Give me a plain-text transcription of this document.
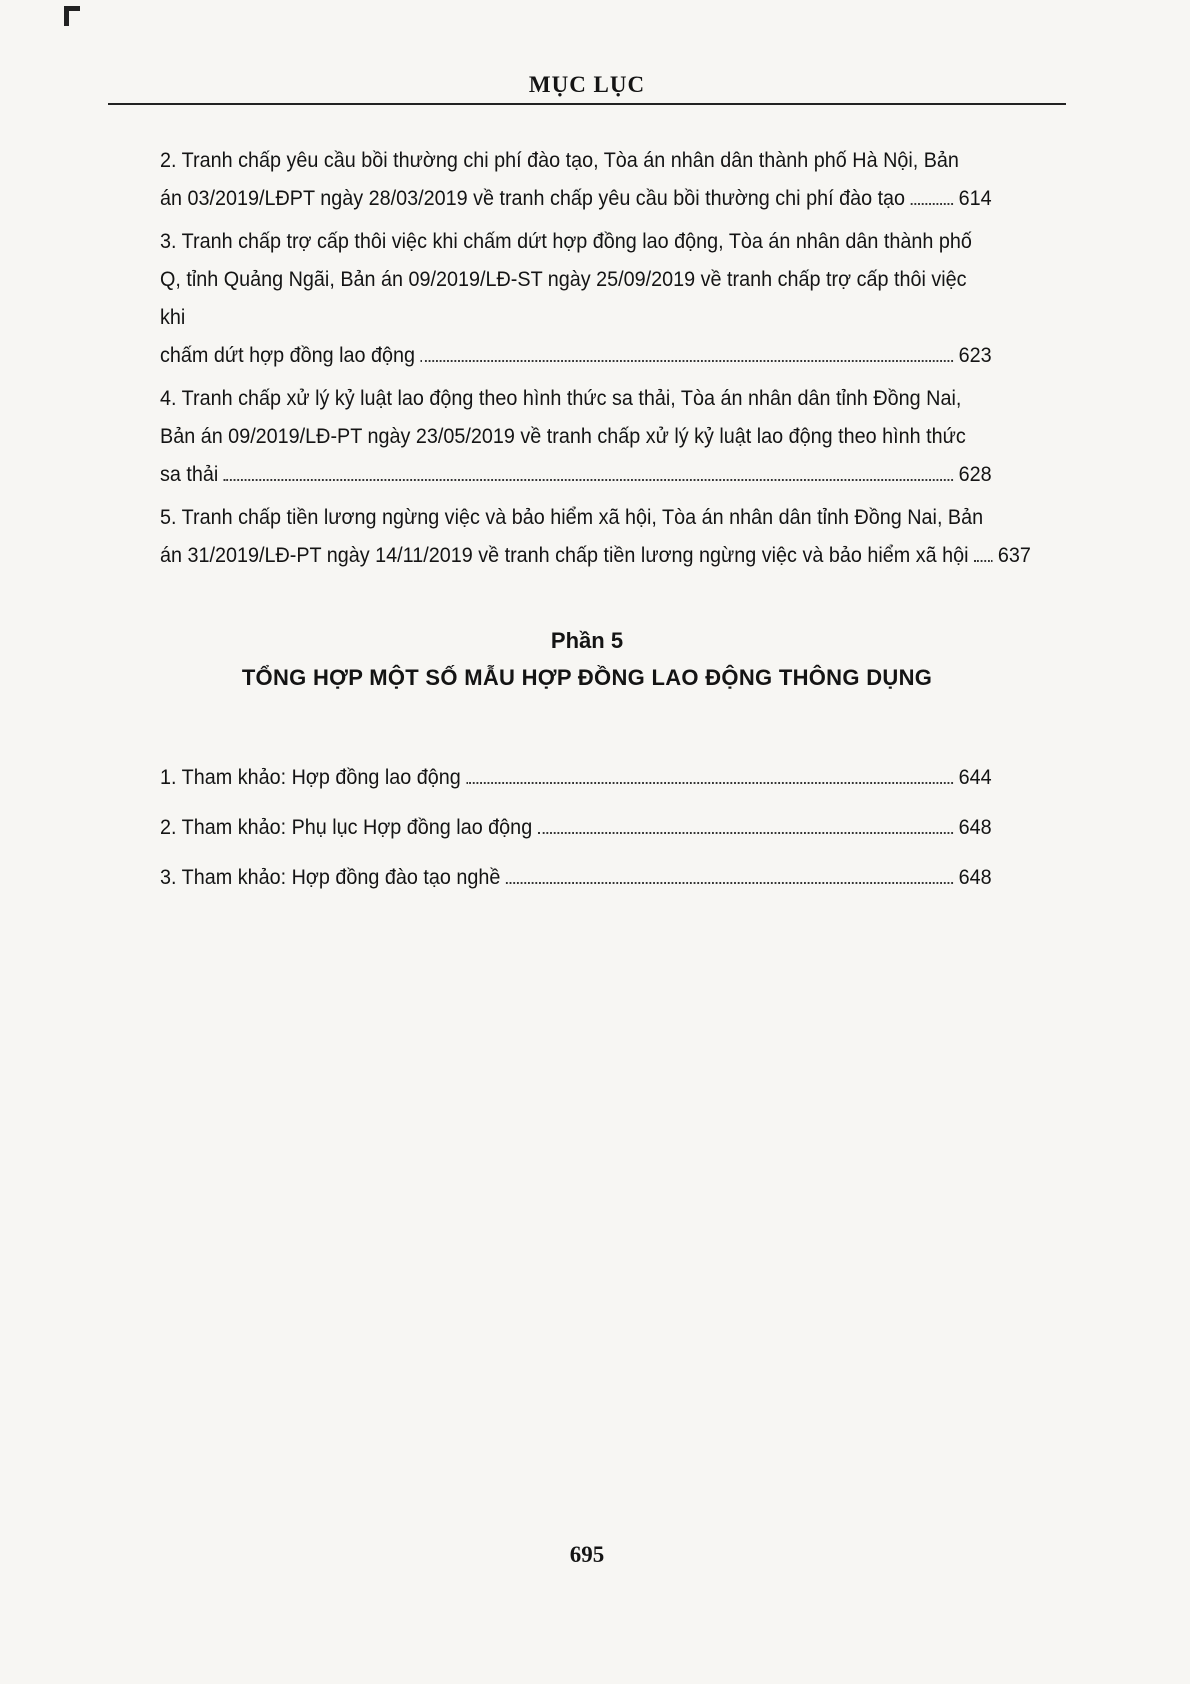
MỤC LỤC
2. Tranh chấp yêu cầu bồi thường chi phí đào tạo, Tòa án nhân dân thành phố Hà Nội, Bản
án 03/2019/LĐPT ngày 28/03/2019 về tranh chấp yêu cầu bồi thường chi phí đào tạo 614
3. Tranh chấp trợ cấp thôi việc khi chấm dứt hợp đồng lao động, Tòa án nhân dân thành phố
Q, tỉnh Quảng Ngãi, Bản án 09/2019/LĐ-ST ngày 25/09/2019 về tranh chấp trợ cấp thôi việc khi
chấm dứt hợp đồng lao động	623
4. Tranh chấp xử lý kỷ luật lao động theo hình thức sa thải, Tòa án nhân dân tỉnh Đồng Nai,
Bản án 09/2019/LĐ-PT ngày 23/05/2019 về tranh chấp xử lý kỷ luật lao động theo hình thức
sa thải	628
5. Tranh chấp tiền lương ngừng việc và bảo hiểm xã hội, Tòa án nhân dân tỉnh Đồng Nai, Bản
án 31/2019/LĐ-PT ngày 14/11/2019 về tranh chấp tiền lương ngừng việc và bảo hiểm xã hội 637
Phần 5
TỔNG HỢP MỘT SỐ MẪU HỢP ĐỒNG LAO ĐỘNG THÔNG DỤNG
1. Tham khảo: Hợp đồng lao động	644
2. Tham khảo: Phụ lục Hợp đồng lao động	648
3. Tham khảo: Hợp đồng đào tạo nghề	648
695
